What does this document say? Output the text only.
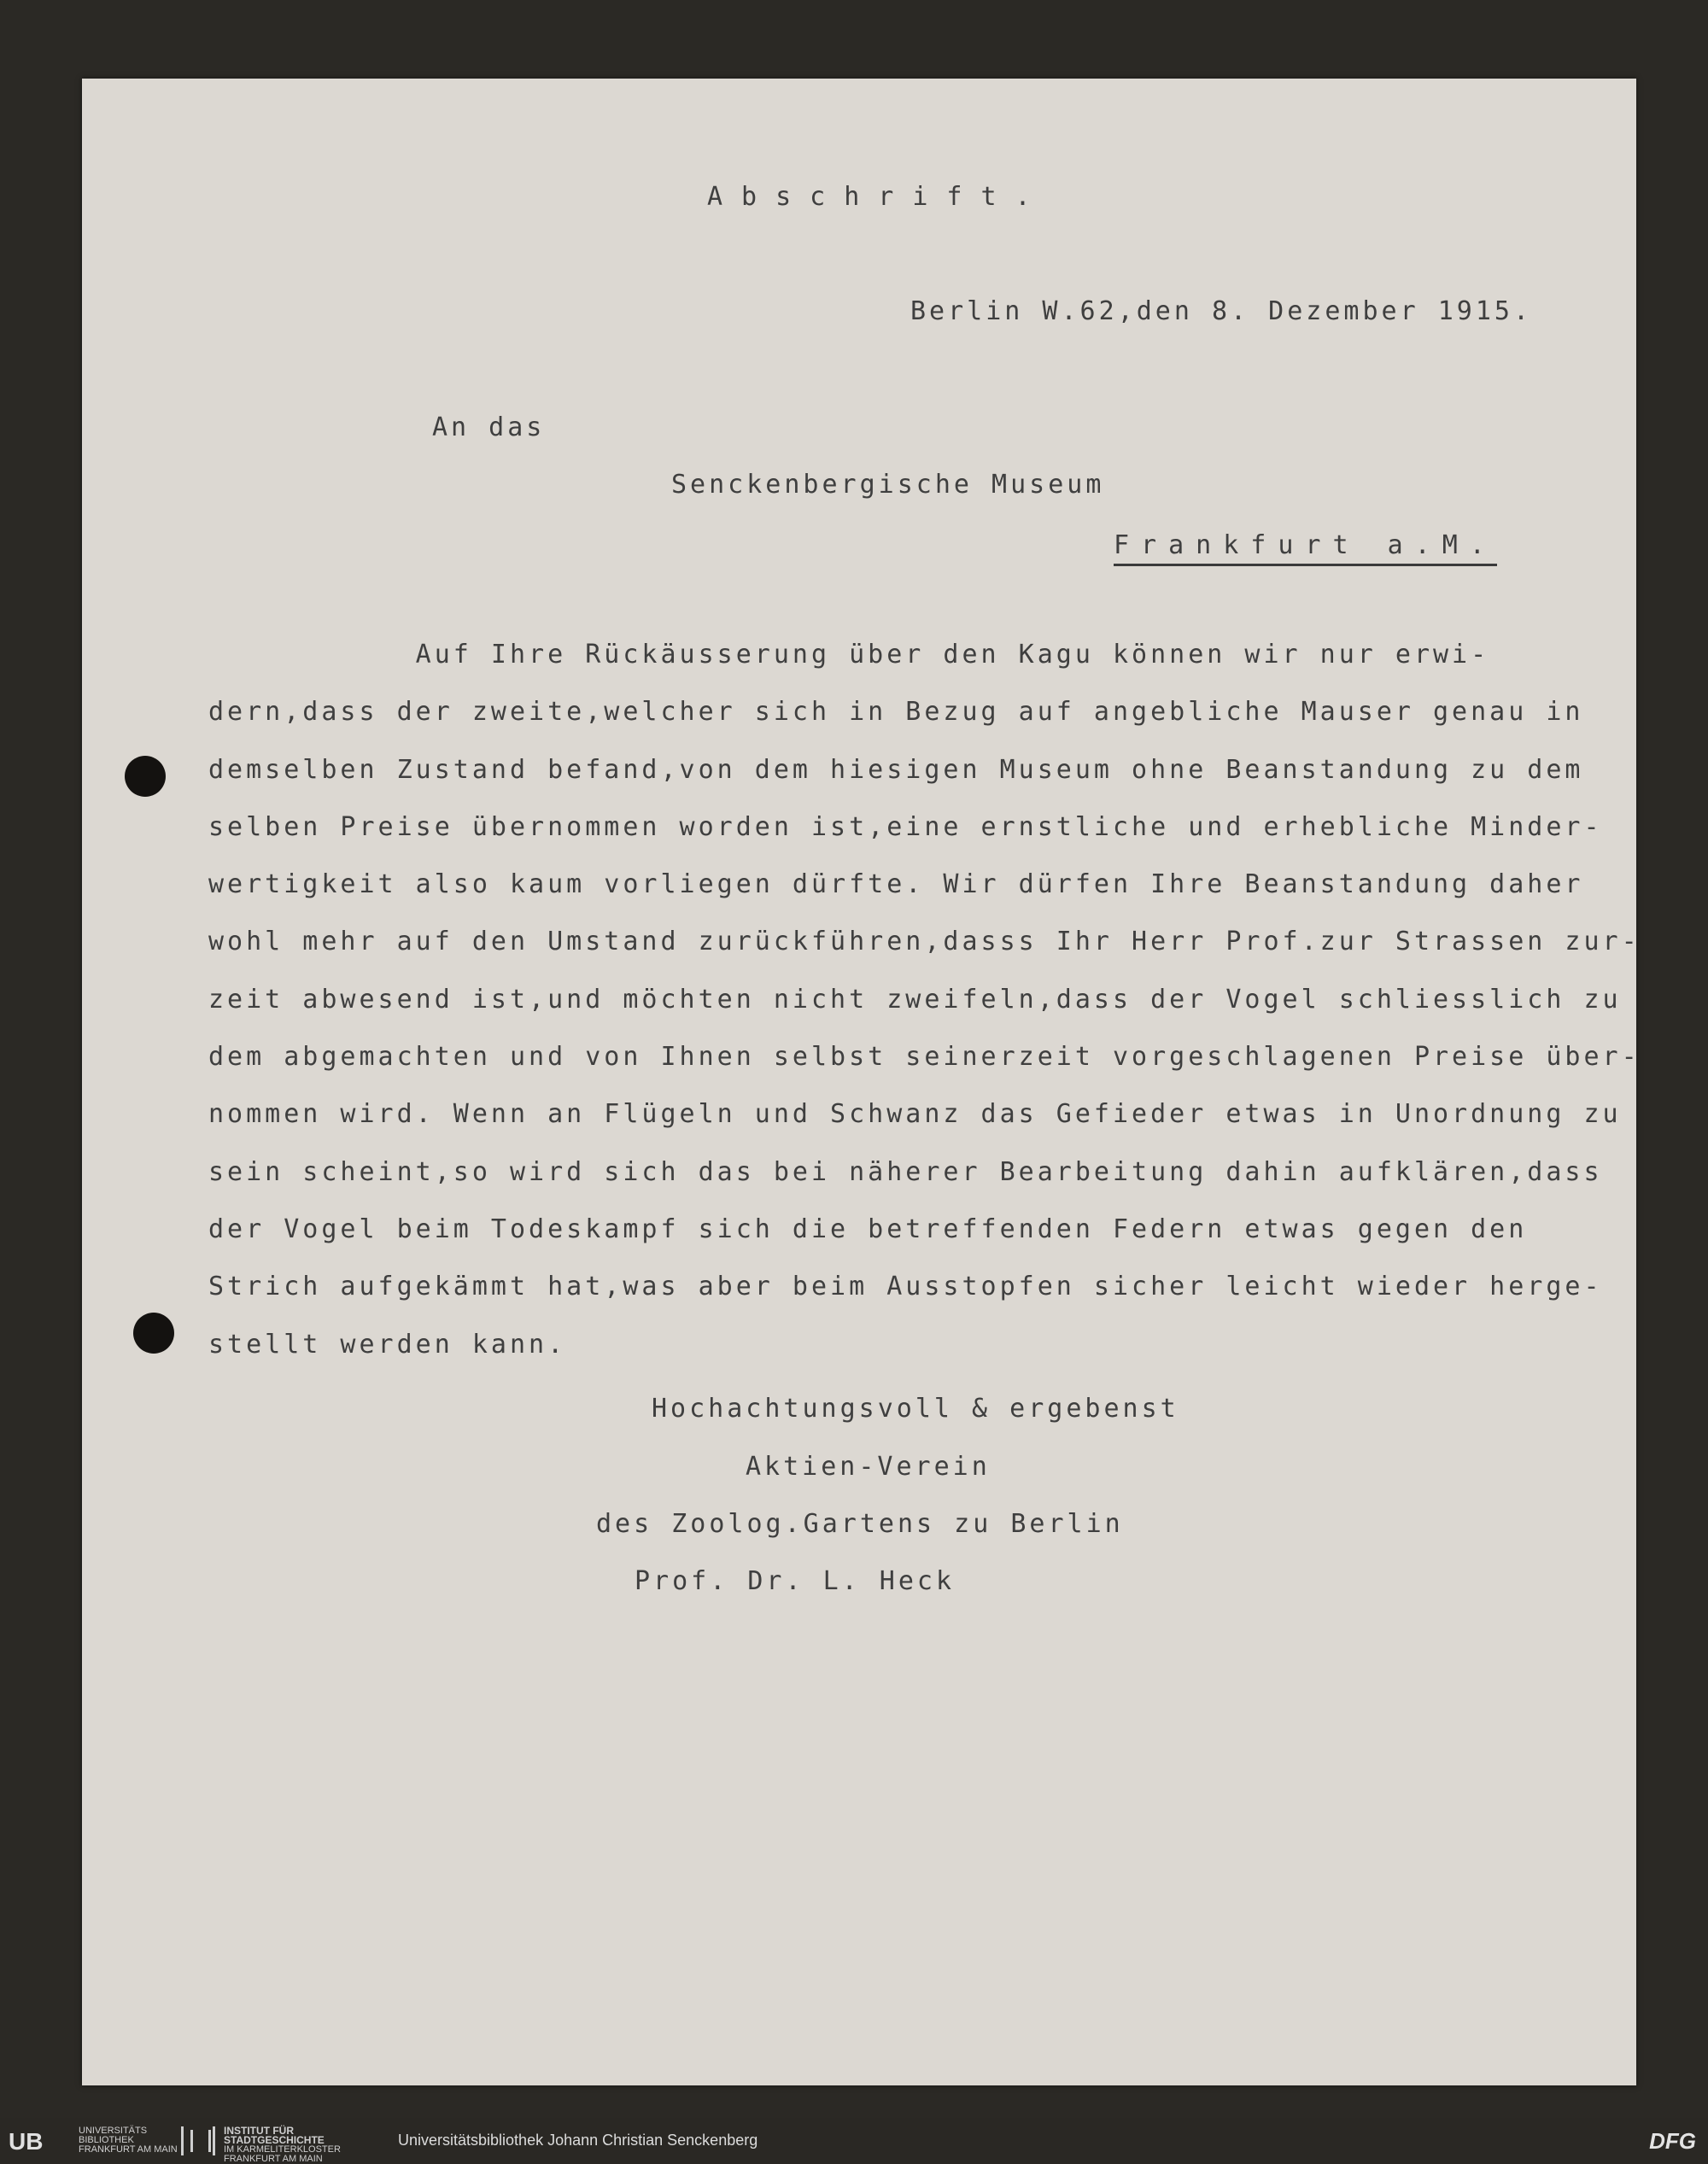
Abschrift.
Berlin W.62,den 8. Dezember 1915.
An das
Senckenbergische Museum
Frankfurt a.M.
Auf Ihre Rückäusserung über den Kagu können wir nur erwi-
dern,dass der zweite,welcher sich in Bezug auf angebliche Mauser genau in
demselben Zustand befand,von dem hiesigen Museum ohne Beanstandung zu dem
selben Preise übernommen worden ist,eine ernstliche und erhebliche Minder-
wertigkeit also kaum vorliegen dürfte. Wir dürfen Ihre Beanstandung daher
wohl mehr auf den Umstand zurückführen,dasss Ihr Herr Prof.zur Strassen zur-
zeit abwesend ist,und möchten nicht zweifeln,dass der Vogel schliesslich zu
dem abgemachten und von Ihnen selbst seinerzeit vorgeschlagenen Preise über-
nommen wird. Wenn an Flügeln und Schwanz das Gefieder etwas in Unordnung zu
sein scheint,so wird sich das bei näherer Bearbeitung dahin aufklären,dass
der Vogel beim Todeskampf sich die betreffenden Federn etwas gegen den
Strich aufgekämmt hat,was aber beim Ausstopfen sicher leicht wieder herge-
stellt werden kann.
Hochachtungsvoll & ergebenst
Aktien-Verein
des Zoolog.Gartens zu Berlin
Prof. Dr. L. Heck
UB	UNIVERSITÄTS
BIBLIOTHEK
FRANKFURT AM MAIN
INSTITUT FÜR
STADTGESCHICHTE
IM KARMELITERKLOSTER
FRANKFURT AM MAIN
Universitätsbibliothek Johann Christian Senckenberg	DFG
